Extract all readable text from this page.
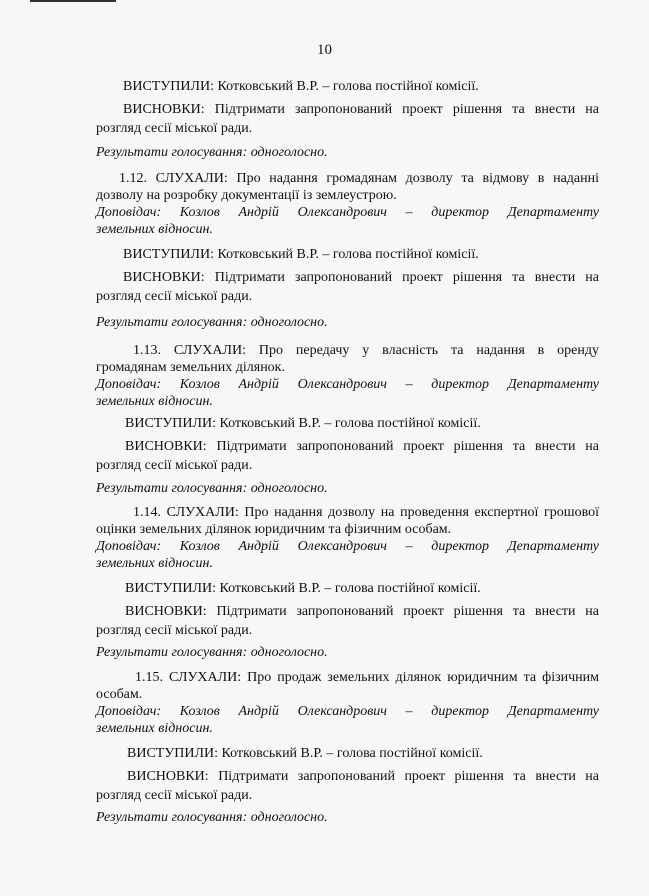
10
ВИСТУПИЛИ: Котковський В.Р. – голова постійної комісії.
ВИСНОВКИ: Підтримати запропонований проект рішення та внести на
розгляд сесії міської ради.
Результати голосування: одноголосно.
1.12. СЛУХАЛИ: Про надання громадянам дозволу та відмову в наданні
дозволу на розробку документації із землеустрою.
Доповідач: Козлов Андрій Олександрович – директор Департаменту
земельних відносин.
ВИСТУПИЛИ: Котковський В.Р. – голова постійної комісії.
ВИСНОВКИ: Підтримати запропонований проект рішення та внести на
розгляд сесії міської ради.
Результати голосування: одноголосно.
1.13. СЛУХАЛИ: Про передачу у власність та надання в оренду
громадянам земельних ділянок.
Доповідач: Козлов Андрій Олександрович – директор Департаменту
земельних відносин.
ВИСТУПИЛИ: Котковський В.Р. – голова постійної комісії.
ВИСНОВКИ: Підтримати запропонований проект рішення та внести на
розгляд сесії міської ради.
Результати голосування: одноголосно.
1.14. СЛУХАЛИ: Про надання дозволу на проведення експертної грошової
оцінки земельних ділянок юридичним та фізичним особам.
Доповідач: Козлов Андрій Олександрович – директор Департаменту
земельних відносин.
ВИСТУПИЛИ: Котковський В.Р. – голова постійної комісії.
ВИСНОВКИ: Підтримати запропонований проект рішення та внести на
розгляд сесії міської ради.
Результати голосування: одноголосно.
1.15. СЛУХАЛИ: Про продаж земельних ділянок юридичним та фізичним
особам.
Доповідач: Козлов Андрій Олександрович – директор Департаменту
земельних відносин.
ВИСТУПИЛИ: Котковський В.Р. – голова постійної комісії.
ВИСНОВКИ: Підтримати запропонований проект рішення та внести на
розгляд сесії міської ради.
Результати голосування: одноголосно.
